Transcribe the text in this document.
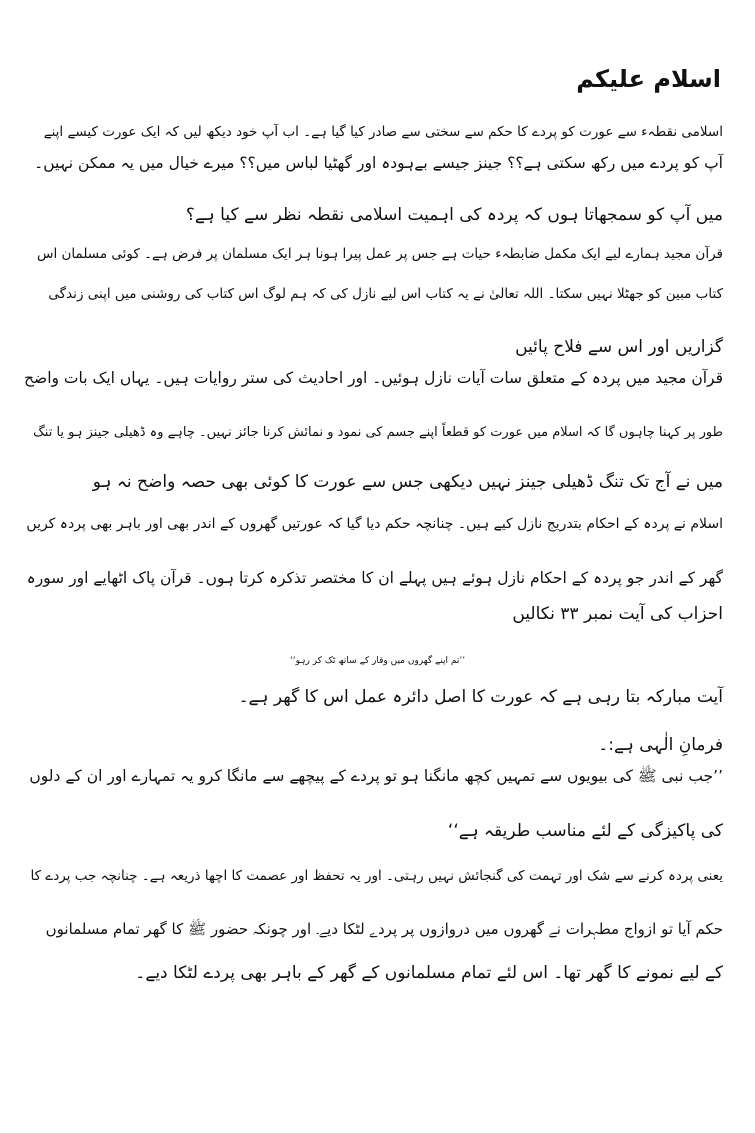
اسلام علیکم
اسلامی نقطہء سے عورت کو پردے کا حکم سے سختی سے صادر کیا گیا ہے۔ اب آپ خود دیکھ لیں کہ ایک عورت کیسے اپنے
آپ کو پردے میں رکھ سکتی ہے؟؟ جینز جیسے بےہودہ اور گھٹیا لباس میں؟؟ میرے خیال میں یہ ممکن نہیں۔
میں آپ کو سمجھاتا ہوں کہ پردہ کی اہمیت اسلامی نقطہ نظر سے کیا ہے؟
قرآن مجید ہمارے لیے ایک مکمل ضابطہء حیات ہے جس پر عمل پیرا ہونا ہر ایک مسلمان پر فرض ہے۔ کوئی مسلمان اس
کتاب مبین کو جھٹلا نہیں سکتا۔ اللہ تعالیٰ نے یہ کتاب اس لیے نازل کی کہ ہم لوگ اس کتاب کی روشنی میں اپنی زندگی
گزاریں اور اس سے فلاح پائیں
قرآن مجید میں پردہ کے متعلق سات آیات نازل ہوئیں۔ اور احادیث کی ستر روایات ہیں۔ یہاں ایک بات واضح
طور پر کہنا چاہوں گا کہ اسلام میں عورت کو قطعاً اپنے جسم کی نمود و نمائش کرنا جائز نہیں۔ چاہے وہ ڈھیلی جینز ہو یا تنگ
میں نے آج تک تنگ ڈھیلی جینز نہیں دیکھی جس سے عورت کا کوئی بھی حصہ واضح نہ ہو
اسلام نے پردہ کے احکام بتدریج نازل کیے ہیں۔ چنانچہ حکم دیا گیا کہ عورتیں گھروں کے اندر بھی اور باہر بھی پردہ کریں
گھر کے اندر جو پردہ کے احکام نازل ہوئے ہیں پہلے ان کا مختصر تذکرہ کرتا ہوں۔ قرآن پاک اٹھایے اور سورہ
احزاب کی آیت نمبر ۳۳ نکالیں
’’تم اپنے گھروں میں وقار کے ساتھ ٹک کر رہو‘‘
آیت مبارکہ بتا رہی ہے کہ عورت کا اصل دائرہ عمل اس کا گھر ہے۔
فرمانِ الٰہی ہے:۔
’’جب نبی ﷺ کی بیویوں سے تمہیں کچھ مانگنا ہو تو پردے کے پیچھے سے مانگا کرو یہ تمہارے اور ان کے دلوں
کی پاکیزگی کے لئے مناسب طریقہ ہے‘‘
یعنی پردہ کرنے سے شک اور تہمت کی گنجائش نہیں رہتی۔ اور یہ تحفظ اور عصمت کا اچھا ذریعہ ہے۔ چنانچہ جب پردے کا
حکم آیا تو ازواج مطہرات نے گھروں میں دروازوں پر پردے لٹکا دیے۔ اور چونکہ حضور ﷺ کا گھر تمام مسلمانوں
کے لیے نمونے کا گھر تھا۔ اس لئے تمام مسلمانوں کے گھر کے باہر بھی پردے لٹکا دیے۔
